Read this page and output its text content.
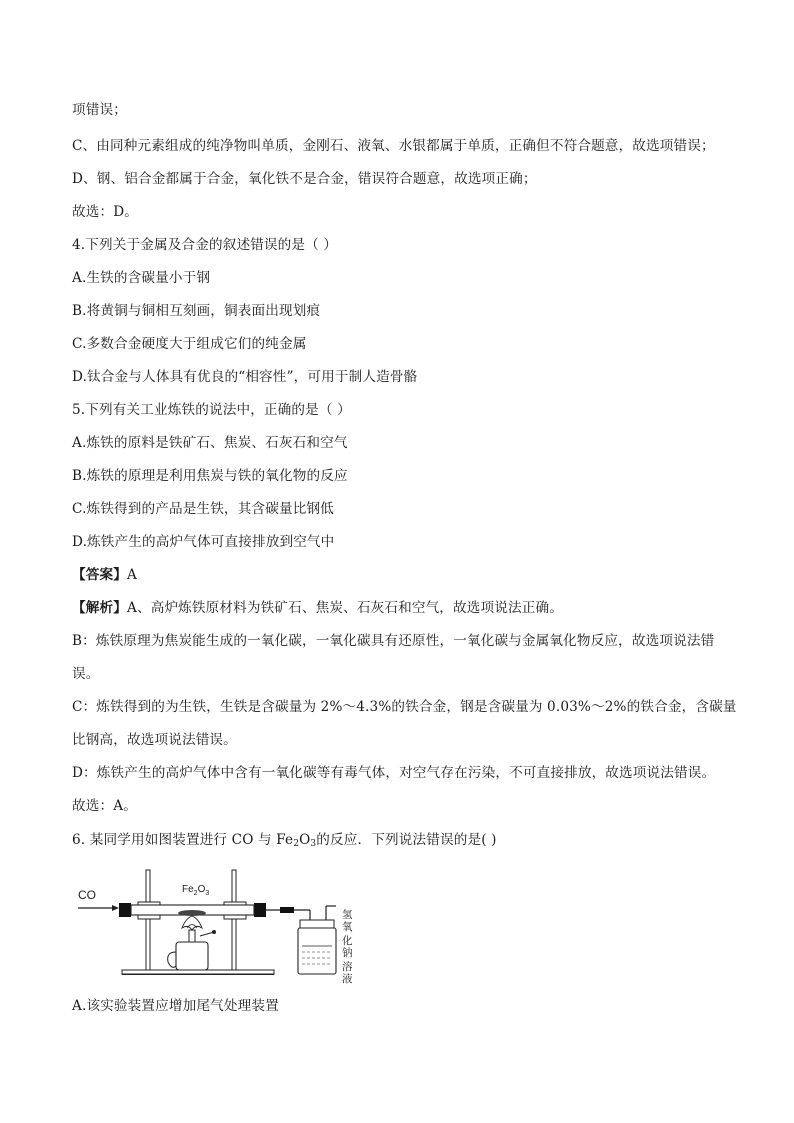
项错误；
C、由同种元素组成的纯净物叫单质，金刚石、液氧、水银都属于单质，正确但不符合题意，故选项错误；
D、钢、铝合金都属于合金，氧化铁不是合金，错误符合题意，故选项正确；
故选：D。
4.下列关于金属及合金的叙述错误的是（ ）
A.生铁的含碳量小于钢
B.将黄铜与铜相互刻画，铜表面出现划痕
C.多数合金硬度大于组成它们的纯金属
D.钛合金与人体具有优良的“相容性”，可用于制人造骨骼
5.下列有关工业炼铁的说法中，正确的是（ ）
A.炼铁的原料是铁矿石、焦炭、石灰石和空气
B.炼铁的原理是利用焦炭与铁的氧化物的反应
C.炼铁得到的产品是生铁，其含碳量比钢低
D.炼铁产生的高炉气体可直接排放到空气中
【答案】A
【解析】A、高炉炼铁原材料为铁矿石、焦炭、石灰石和空气，故选项说法正确。
B：炼铁原理为焦炭能生成的一氧化碳，一氧化碳具有还原性，一氧化碳与金属氧化物反应，故选项说法错
误。
C：炼铁得到的为生铁，生铁是含碳量为 2%～4.3%的铁合金，钢是含碳量为 0.03%～2%的铁合金，含碳量
比钢高，故选项说法错误。
D：炼铁产生的高炉气体中含有一氧化碳等有毒气体，对空气存在污染，不可直接排放，故选项说法错误。
故选：A。
6. 某同学用如图装置进行 CO 与 $Fe_2O_3$的反应．下列说法错误的是( )
A.该实验装置应增加尾气处理装置
CO	$Fe_2O_3$
氢
氧
化
钠
溶
液
